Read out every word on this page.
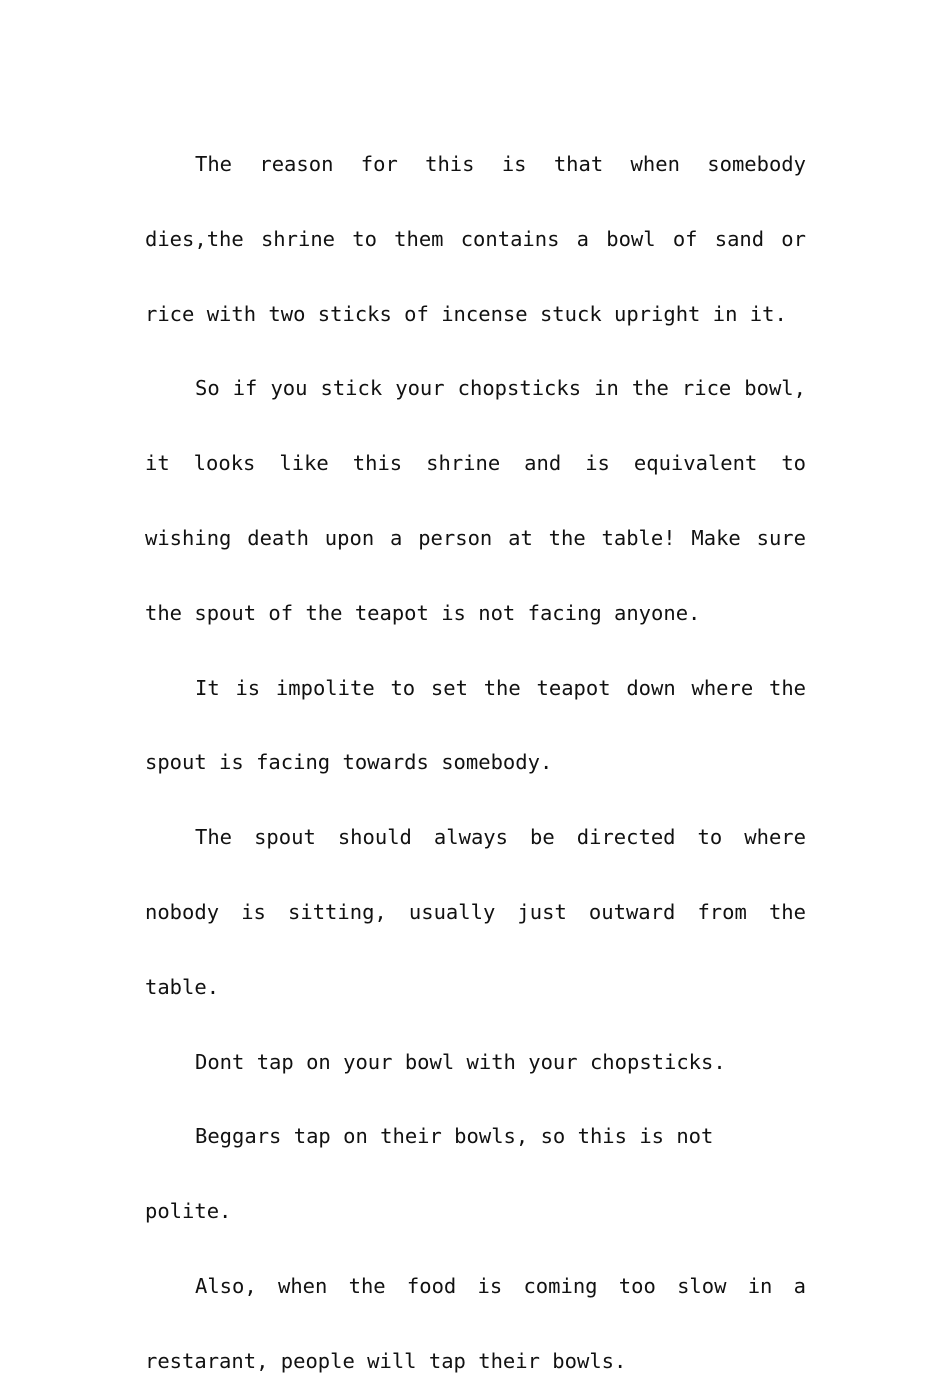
The reason for this is that when somebody dies,the shrine to them contains a bowl of sand or rice with two sticks of incense stuck upright in it.

So if you stick your chopsticks in the rice bowl, it looks like this shrine and is equivalent to wishing death upon a person at the table! Make sure the spout of the teapot is not facing anyone.

It is impolite to set the teapot down where the spout is facing towards somebody.

The spout should always be directed to where nobody is sitting, usually just outward from the table.

Dont tap on your bowl with your chopsticks.

Beggars tap on their bowls, so this is not polite.

Also, when the food is coming too slow in a restarant, people will tap their bowls.
